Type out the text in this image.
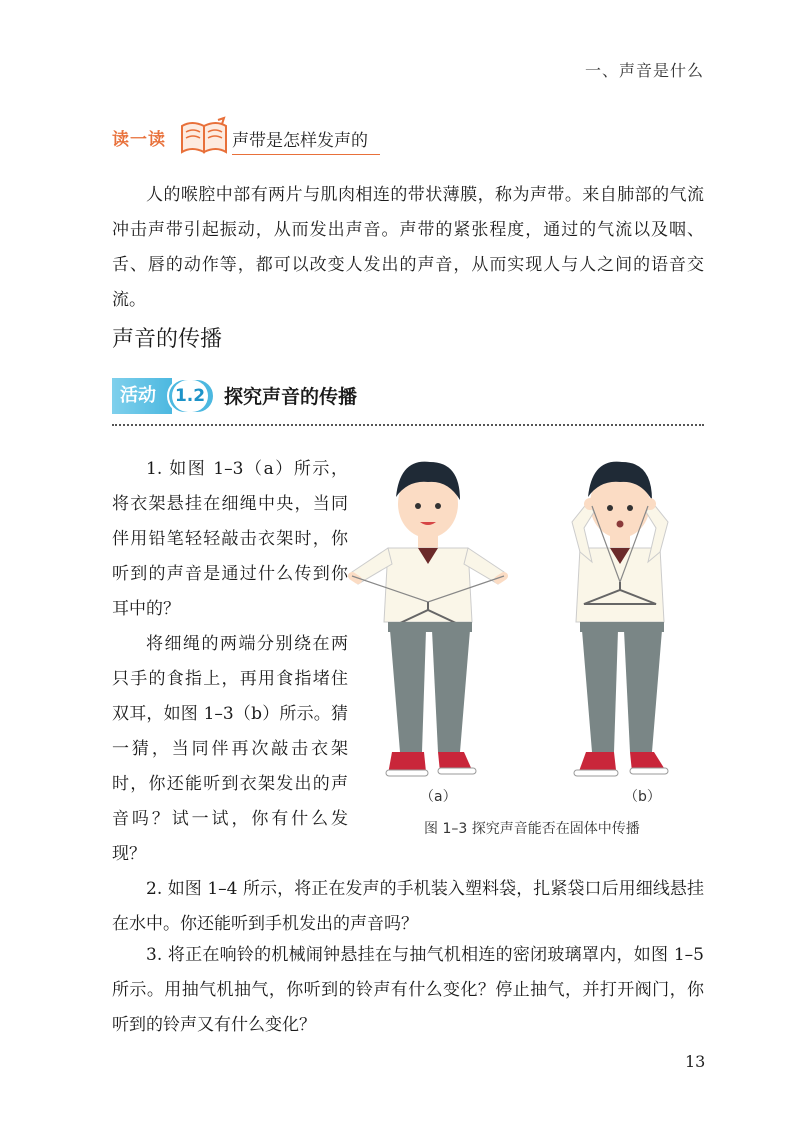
一、声音是什么
读一读	声带是怎样发声的

人的喉腔中部有两片与肌肉相连的带状薄膜，称为声带。来自肺部的气流冲击声带引起振动，从而发出声音。声带的紧张程度，通过的气流以及咽、舌、唇的动作等，都可以改变人发出的声音，从而实现人与人之间的语音交流。

声音的传播
活动	1.2 探究声音的传播

1. 如图 1–3（a）所示，将衣架悬挂在细绳中央，当同伴用铅笔轻轻敲击衣架时，你听到的声音是通过什么传到你耳中的？

将细绳的两端分别绕在两只手的食指上，再用食指堵住双耳，如图 1–3（b）所示。猜一猜，当同伴再次敲击衣架时，你还能听到衣架发出的声音吗？试一试，你有什么发现？

（a）	（b）
图 1–3 探究声音能否在固体中传播

2. 如图 1–4 所示，将正在发声的手机装入塑料袋，扎紧袋口后用细线悬挂在水中。你还能听到手机发出的声音吗？

3. 将正在响铃的机械闹钟悬挂在与抽气机相连的密闭玻璃罩内，如图 1–5 所示。用抽气机抽气，你听到的铃声有什么变化？停止抽气，并打开阀门，你听到的铃声又有什么变化？

13
